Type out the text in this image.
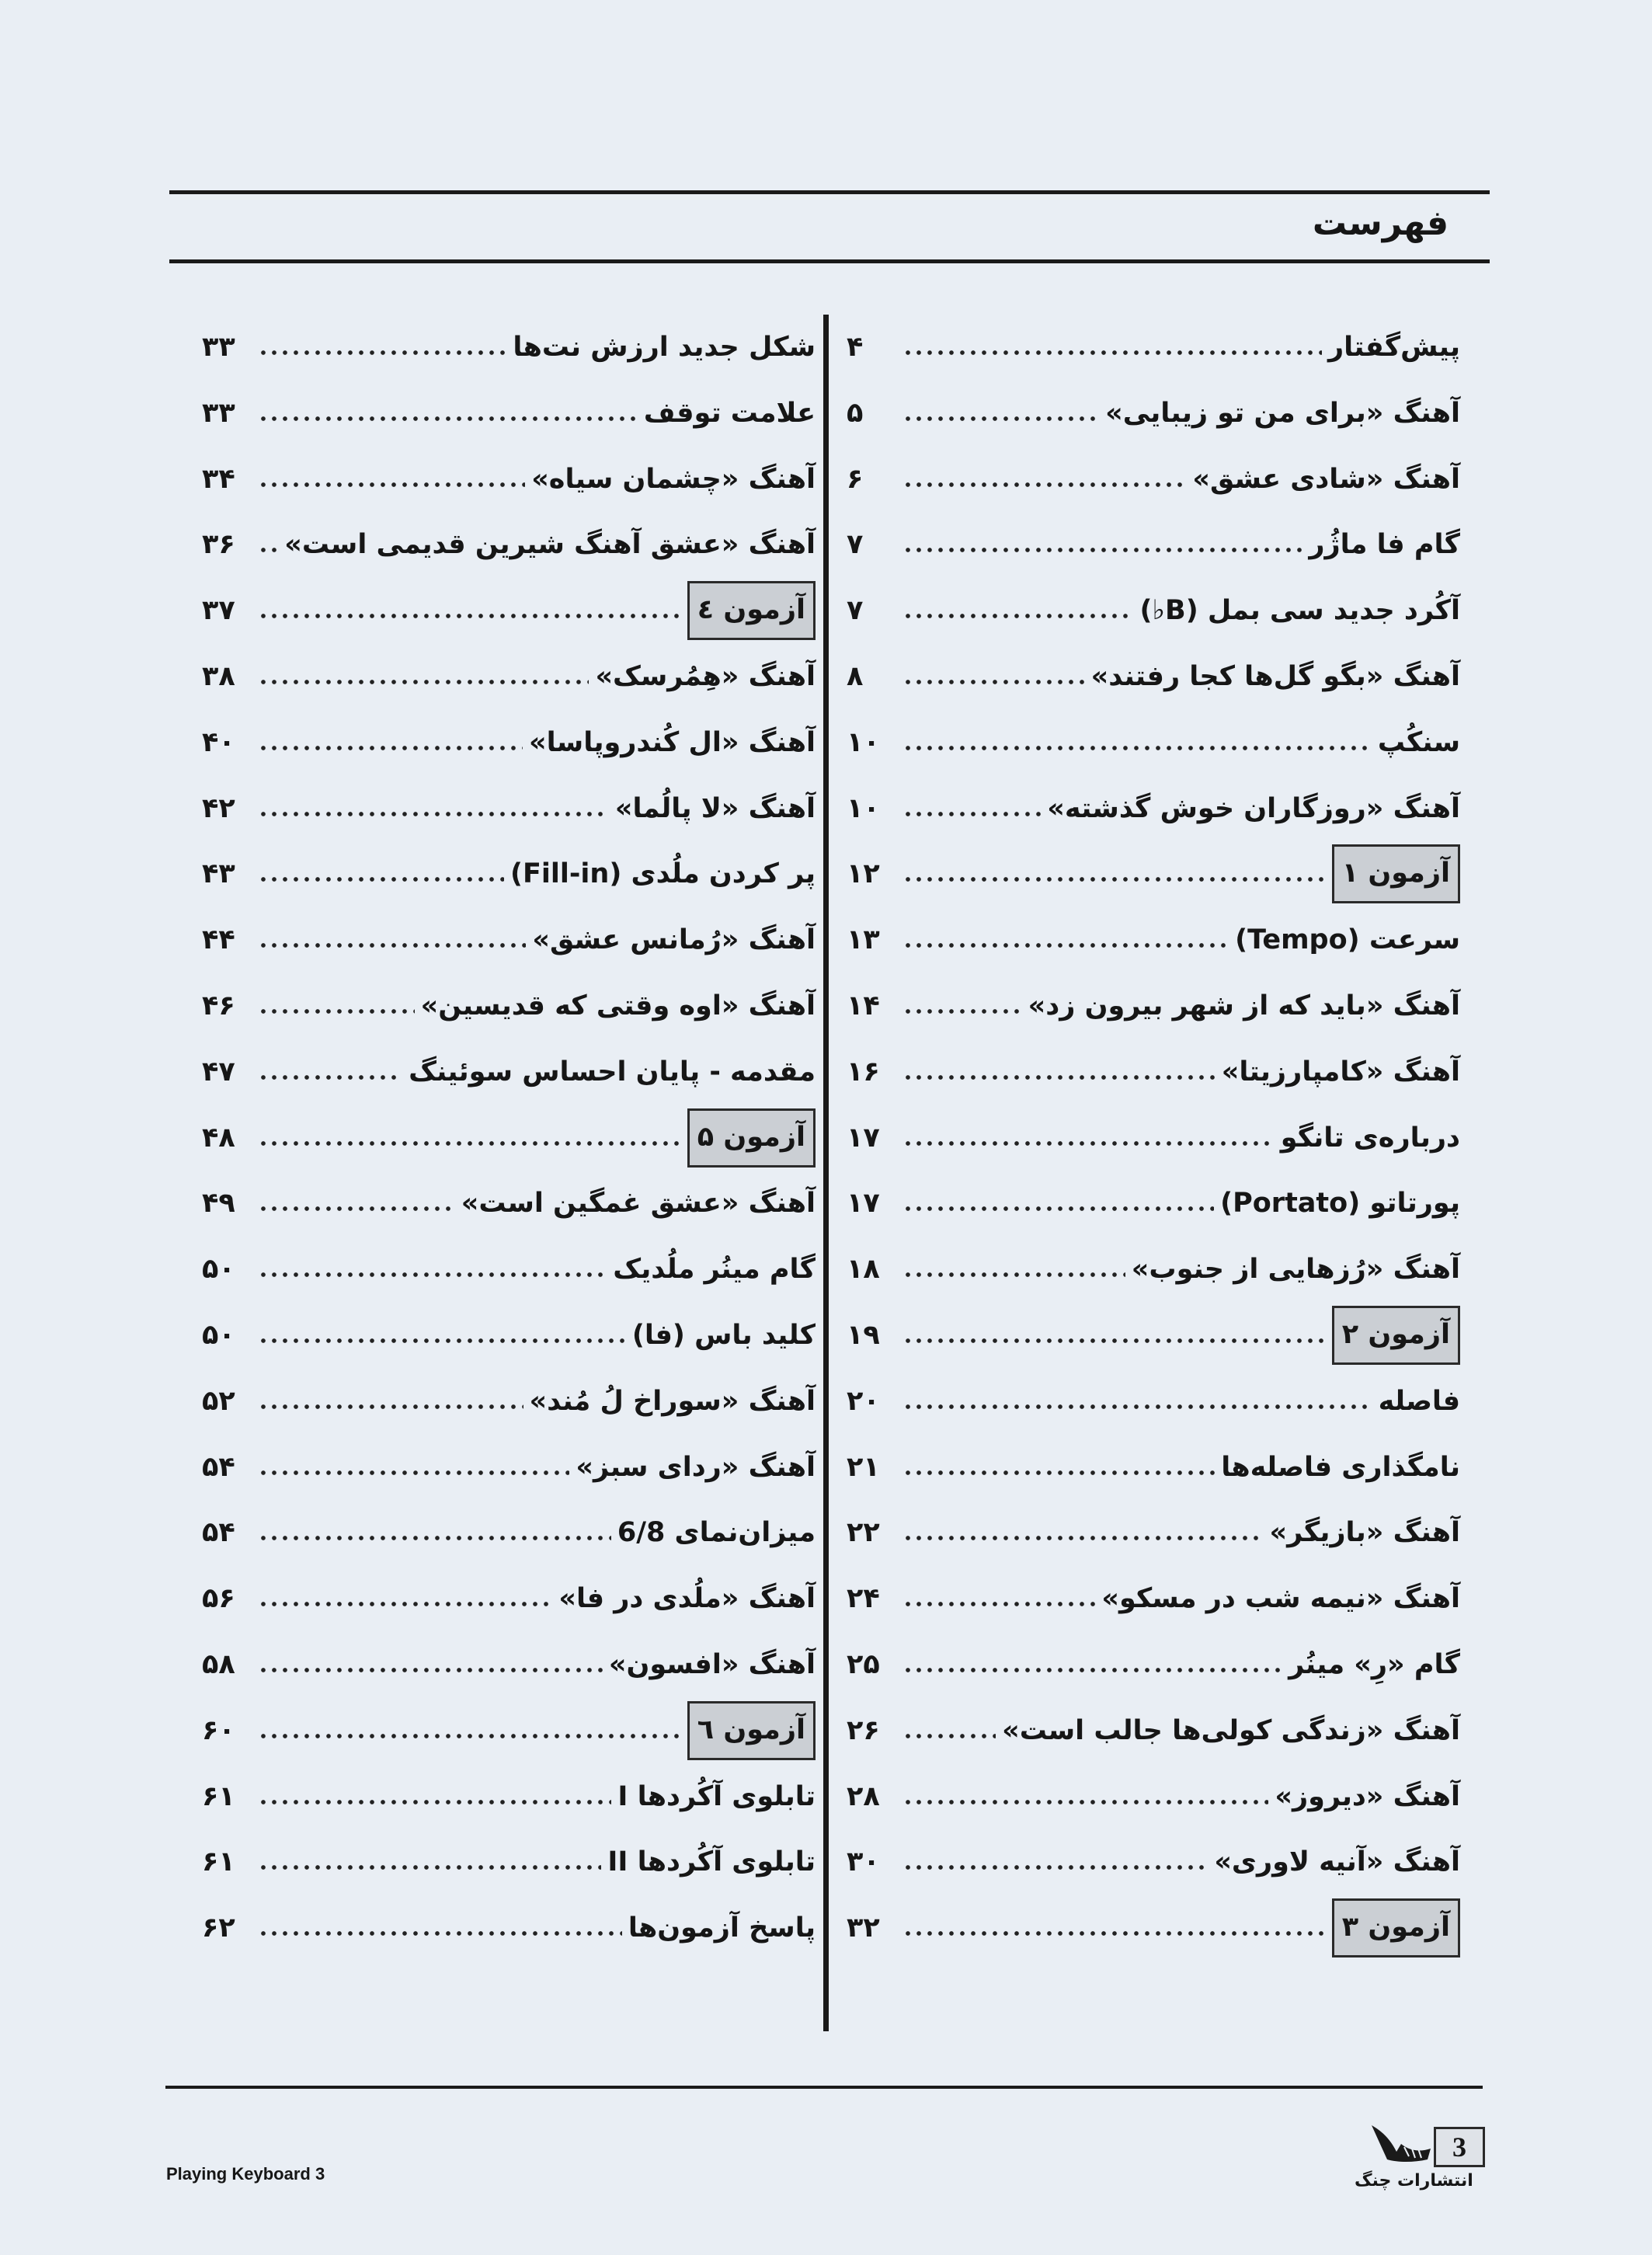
فهرست
پیش‌گفتار
۴
آهنگ «برای من تو زیبایی»
۵
آهنگ «شادی عشق»
۶
گام فا ماژُر
۷
آکُرد جدید سی بمل (B♭)
۷
آهنگ «بگو گل‌ها کجا رفتند»
۸
سنکُپ
۱۰
آهنگ «روزگاران خوش گذشته»
۱۰
آزمون ۱
۱۲
سرعت (Tempo)
۱۳
آهنگ «باید که از شهر بیرون زد»
۱۴
آهنگ «کامپارزیتا»
۱۶
درباره‌ی تانگو
۱۷
پورتاتو (Portato)
۱۷
آهنگ «رُزهایی از جنوب»
۱۸
آزمون ۲
۱۹
فاصله
۲۰
نامگذاری فاصله‌ها
۲۱
آهنگ «بازیگر»
۲۲
آهنگ «نیمه شب در مسکو»
۲۴
گام «رِ» مینُر
۲۵
آهنگ «زندگی کولی‌ها جالب است»
۲۶
آهنگ «دیروز»
۲۸
آهنگ «آنیه لاوری»
۳۰
آزمون ۳
۳۲
شکل جدید ارزش نت‌ها
۳۳
علامت توقف
۳۳
آهنگ «چشمان سیاه»
۳۴
آهنگ «عشق آهنگ شیرین قدیمی است»
۳۶
آزمون ٤
۳۷
آهنگ «هِمُرسک»
۳۸
آهنگ «ال کُندروپاسا»
۴۰
آهنگ «لا پالُما»
۴۲
پر کردن ملُدی (Fill-in)
۴۳
آهنگ «رُمانس عشق»
۴۴
آهنگ «اوه وقتی که قدیسین»
۴۶
مقدمه - پایان احساس سوئینگ
۴۷
آزمون ۵
۴۸
آهنگ «عشق غمگین است»
۴۹
گام مینُر ملُدیک
۵۰
کلید باس (فا)
۵۰
آهنگ «سوراخ لُ مُند»
۵۲
آهنگ «ردای سبز»
۵۴
میزان‌نمای 6/8
۵۴
آهنگ «ملُدی در فا»
۵۶
آهنگ «افسون»
۵۸
آزمون ٦
۶۰
تابلوی آکُردها I
۶۱
تابلوی آکُردها II
۶۱
پاسخ آزمون‌ها
۶۲
Playing Keyboard 3
3
انتشارات چنگ
